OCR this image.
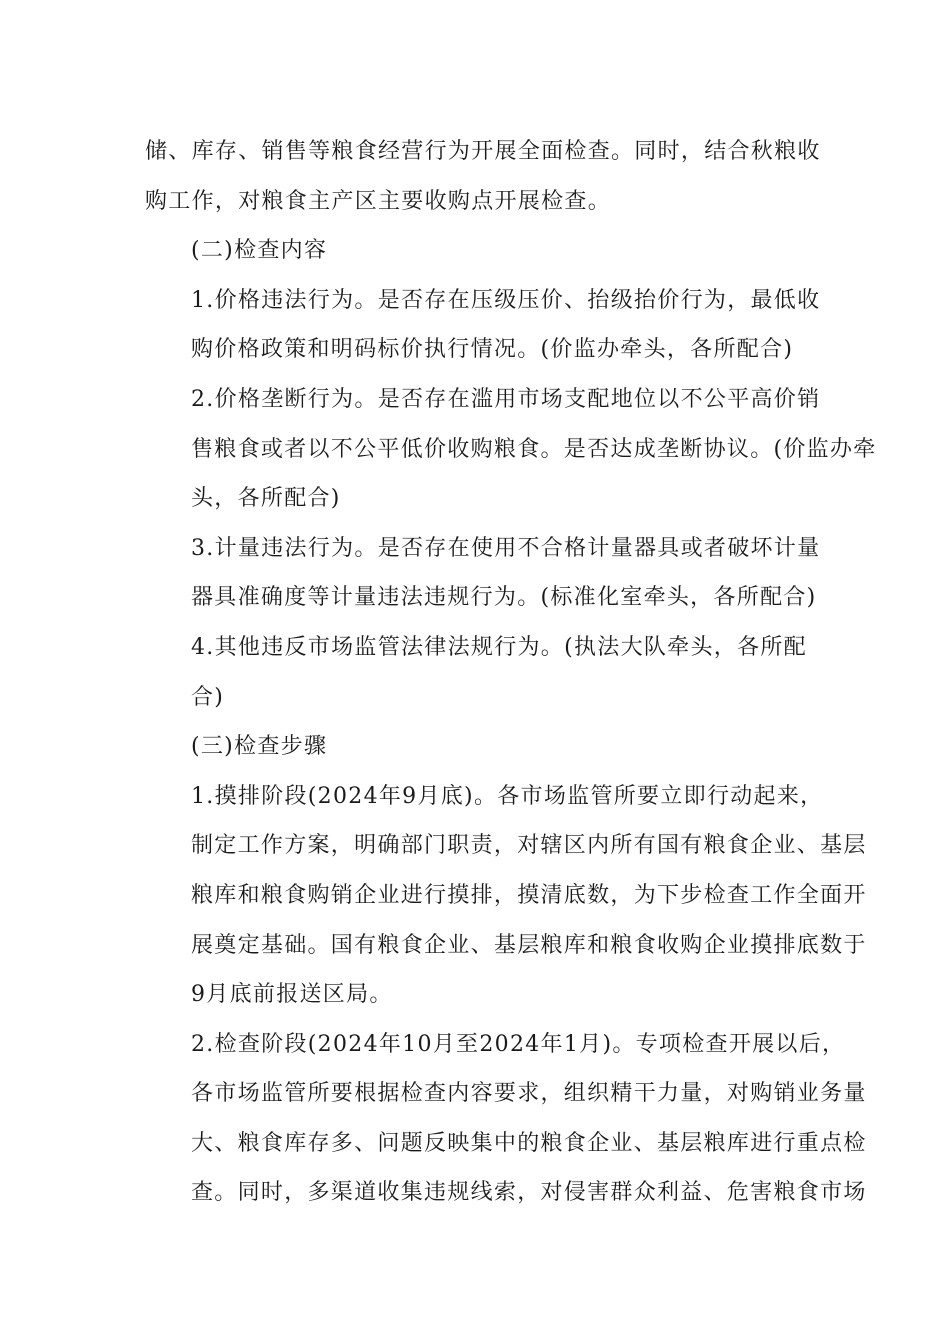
储、库存、销售等粮食经营行为开展全面检查。同时，结合秋粮收
购工作，对粮食主产区主要收购点开展检查。
(二)检查内容
1.价格违法行为。是否存在压级压价、抬级抬价行为，最低收
购价格政策和明码标价执行情况。(价监办牵头，各所配合)
2.价格垄断行为。是否存在滥用市场支配地位以不公平高价销
售粮食或者以不公平低价收购粮食。是否达成垄断协议。(价监办牵
头，各所配合)
3.计量违法行为。是否存在使用不合格计量器具或者破坏计量
器具准确度等计量违法违规行为。(标准化室牵头，各所配合)
4.其他违反市场监管法律法规行为。(执法大队牵头，各所配
合)
(三)检查步骤
1.摸排阶段(2024年9月底)。各市场监管所要立即行动起来，
制定工作方案，明确部门职责，对辖区内所有国有粮食企业、基层
粮库和粮食购销企业进行摸排，摸清底数，为下步检查工作全面开
展奠定基础。国有粮食企业、基层粮库和粮食收购企业摸排底数于
9月底前报送区局。
2.检查阶段(2024年10月至2024年1月)。专项检查开展以后，
各市场监管所要根据检查内容要求，组织精干力量，对购销业务量
大、粮食库存多、问题反映集中的粮食企业、基层粮库进行重点检
查。同时，多渠道收集违规线索，对侵害群众利益、危害粮食市场
